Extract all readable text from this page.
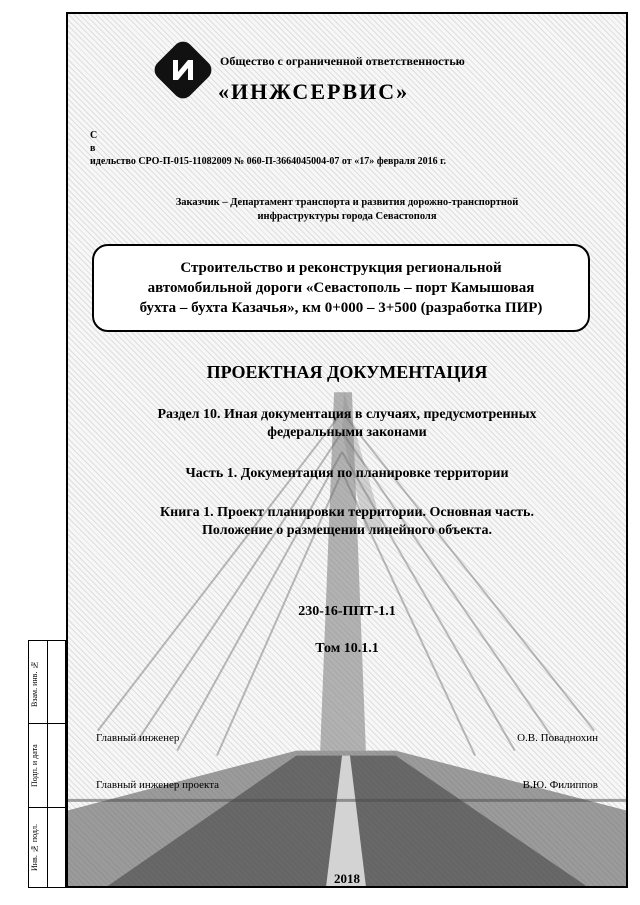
Взам. инв. №
Подп. и дата
Инв. № подл.
Общество с ограниченной ответственностью
«ИНЖСЕРВИС»
С
в
идельство СРО-П-015-11082009 № 060-П-3664045004-07 от «17» февраля 2016 г.
Заказчик – Департамент транспорта и развития дорожно-транспортной
инфраструктуры города Севастополя
Строительство и реконструкция региональной
автомобильной дороги «Севастополь – порт Камышовая
бухта – бухта Казачья», км 0+000 – 3+500 (разработка ПИР)
ПРОЕКТНАЯ ДОКУМЕНТАЦИЯ
Раздел 10. Иная документация в случаях, предусмотренных
федеральными законами
Часть 1. Документация по планировке территории
Книга 1. Проект планировки территории. Основная часть.
Положение о размещении линейного объекта.
230-16-ППТ-1.1
Том 10.1.1
Главный инженер	О.В. Поваднохин
Главный инженер проекта	В.Ю. Филиппов
2018
